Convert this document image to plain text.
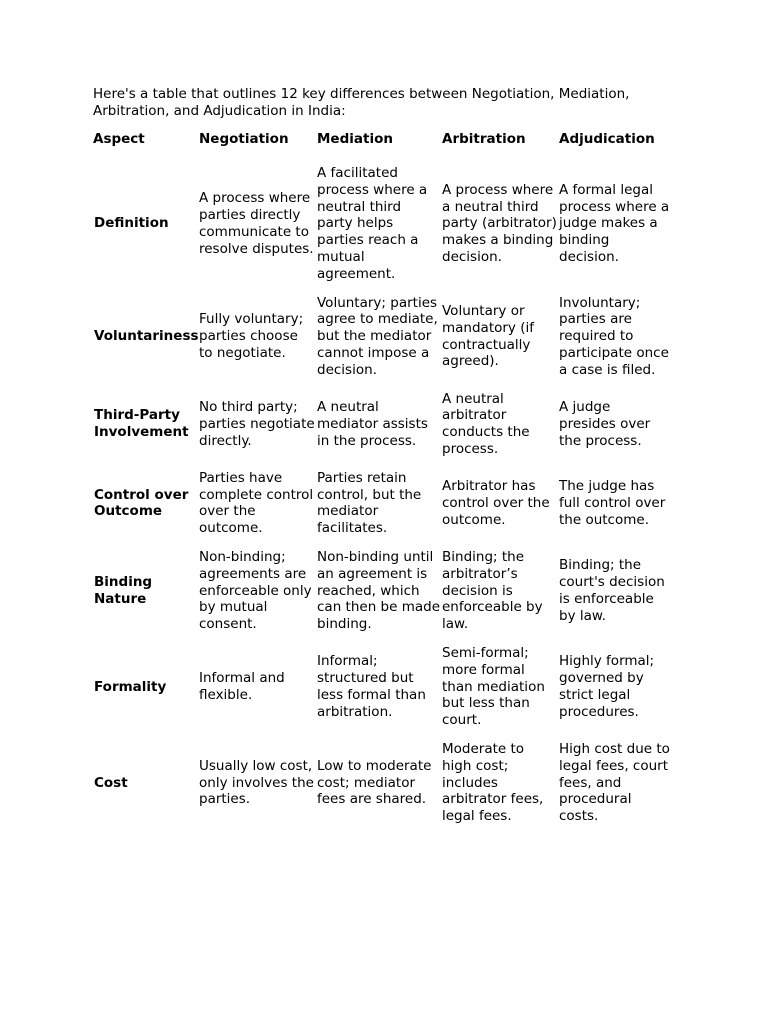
Here's a table that outlines 12 key differences between Negotiation, Mediation,
Arbitration, and Adjudication in India:

Aspect	Negotiation	Mediation	Arbitration	Adjudication
Definition	A process where parties directly communicate to resolve disputes.	A facilitated process where a neutral third party helps parties reach a mutual agreement.	A process where a neutral third party (arbitrator) makes a binding decision.	A formal legal process where a judge makes a binding decision.
Voluntariness	Fully voluntary; parties choose to negotiate.	Voluntary; parties agree to mediate, but the mediator cannot impose a decision.	Voluntary or mandatory (if contractually agreed).	Involuntary; parties are required to participate once a case is filed.
Third-Party Involvement	No third party; parties negotiate directly.	A neutral mediator assists in the process.	A neutral arbitrator conducts the process.	A judge presides over the process.
Control over Outcome	Parties have complete control over the outcome.	Parties retain control, but the mediator facilitates.	Arbitrator has control over the outcome.	The judge has full control over the outcome.
Binding Nature	Non-binding; agreements are enforceable only by mutual consent.	Non-binding until an agreement is reached, which can then be made binding.	Binding; the arbitrator’s decision is enforceable by law.	Binding; the court's decision is enforceable by law.
Formality	Informal and flexible.	Informal; structured but less formal than arbitration.	Semi-formal; more formal than mediation but less than court.	Highly formal; governed by strict legal procedures.
Cost	Usually low cost, only involves the parties.	Low to moderate cost; mediator fees are shared.	Moderate to high cost; includes arbitrator fees, legal fees.	High cost due to legal fees, court fees, and procedural costs.
